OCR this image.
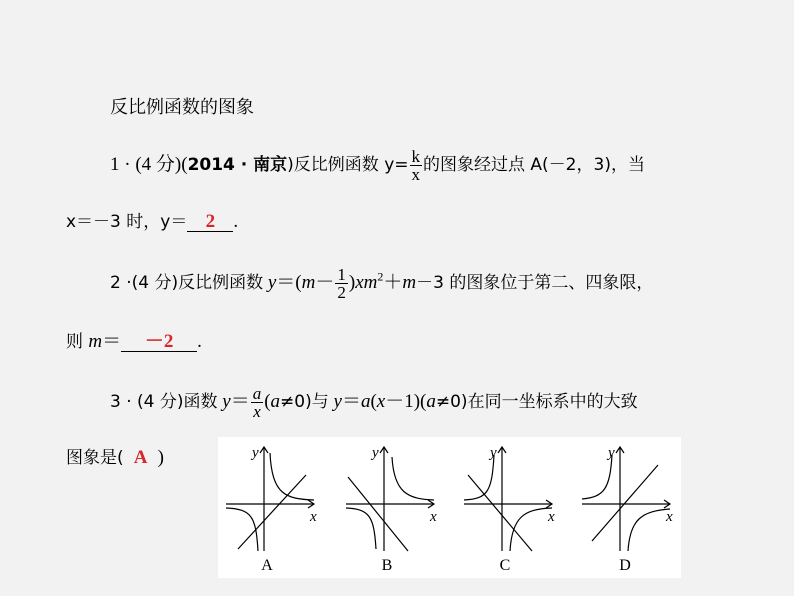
反比例函数的图象
1 · (4 分)(2014 · 南京)反比例函数 $y= \frac{k}{x}$ 的图象经过点 A(－2，3)，当
x＝－3 时，y＝ 2 .
2 ·(4 分)反比例函数 $y=(m- \frac{1}{2} )xm^2+m-3$ 的图象位于第二、四象限，
则 m＝ －2 .
3 · (4 分)函数 $y= \frac{a}{x} (a\ne 0)$与 y＝a(x－1)(a≠0)在同一坐标系中的大致
图象是( A )	y
x
A
y
x
B
y
x
C
y
x
D
